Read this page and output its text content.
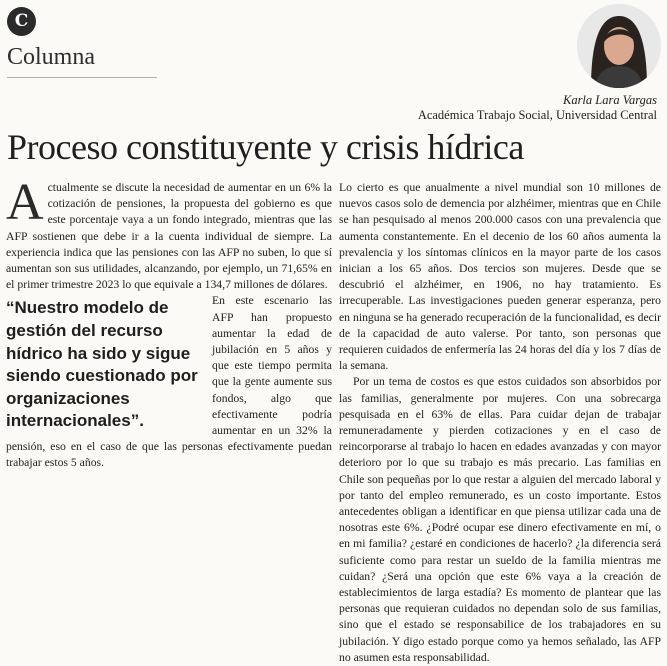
C
Columna
Karla Lara Vargas
Académica Trabajo Social, Universidad Central
Proceso constituyente y crisis hídrica
A ctualmente se discute la necesidad de aumentar en un 6% la cotización de pensiones, la propuesta del gobierno es que este porcentaje vaya a un fondo integrado, mientras que las AFP sostienen que debe ir a la cuenta individual de siempre. La experiencia indica que las pensiones con las AFP no suben, lo que sí aumentan son sus utilidades, alcanzando, por ejemplo, un 71,65% en el primer trimestre 2023 lo que equivale a 134,7 millones de dólares.

“Nuestro modelo de gestión del recurso hídrico ha sido y sigue siendo cuestionado por organizaciones internacionales”.

En este escenario las AFP han propuesto aumentar la edad de jubilación en 5 años y que este tiempo permita que la gente aumente sus fondos, algo que efectivamente podría aumentar en un 32% la pensión, eso en el caso de que las personas efectivamente puedan trabajar estos 5 años.

Lo cierto es que anualmente a nivel mundial son 10 millones de nuevos casos solo de demencia por alzhéimer, mientras que en Chile se han pesquisado al menos 200.000 casos con una prevalencia que aumenta constantemente. En el decenio de los 60 años aumenta la prevalencia y los síntomas clínicos en la mayor parte de los casos inician a los 65 años. Dos tercios son mujeres. Desde que se descubrió el alzhéimer, en 1906, no hay tratamiento. Es irrecuperable. Las investigaciones pueden generar esperanza, pero en ninguna se ha generado recuperación de la funcionalidad, es decir de la capacidad de auto valerse. Por tanto, son personas que requieren cuidados de enfermería las 24 horas del día y los 7 días de la semana.

Por un tema de costos es que estos cuidados son absorbidos por las familias, generalmente por mujeres. Con una sobrecarga pesquisada en el 63% de ellas. Para cuidar dejan de trabajar remuneradamente y pierden cotizaciones y en el caso de reincorporarse al trabajo lo hacen en edades avanzadas y con mayor deterioro por lo que su trabajo es más precario. Las familias en Chile son pequeñas por lo que restar a alguien del mercado laboral y por tanto del empleo remunerado, es un costo importante. Estos antecedentes obligan a identificar en que piensa utilizar cada una de nosotras este 6%. ¿Podré ocupar ese dinero efectivamente en mí, o en mi familia? ¿estaré en condiciones de hacerlo? ¿la diferencia será suficiente como para restar un sueldo de la familia mientras me cuidan? ¿Será una opción que este 6% vaya a la creación de establecimientos de larga estadía? Es momento de plantear que las personas que requieran cuidados no dependan solo de sus familias, sino que el estado se responsabilice de los trabajadores en su jubilación. Y digo estado porque como ya hemos señalado, las AFP no asumen esta responsabilidad.
